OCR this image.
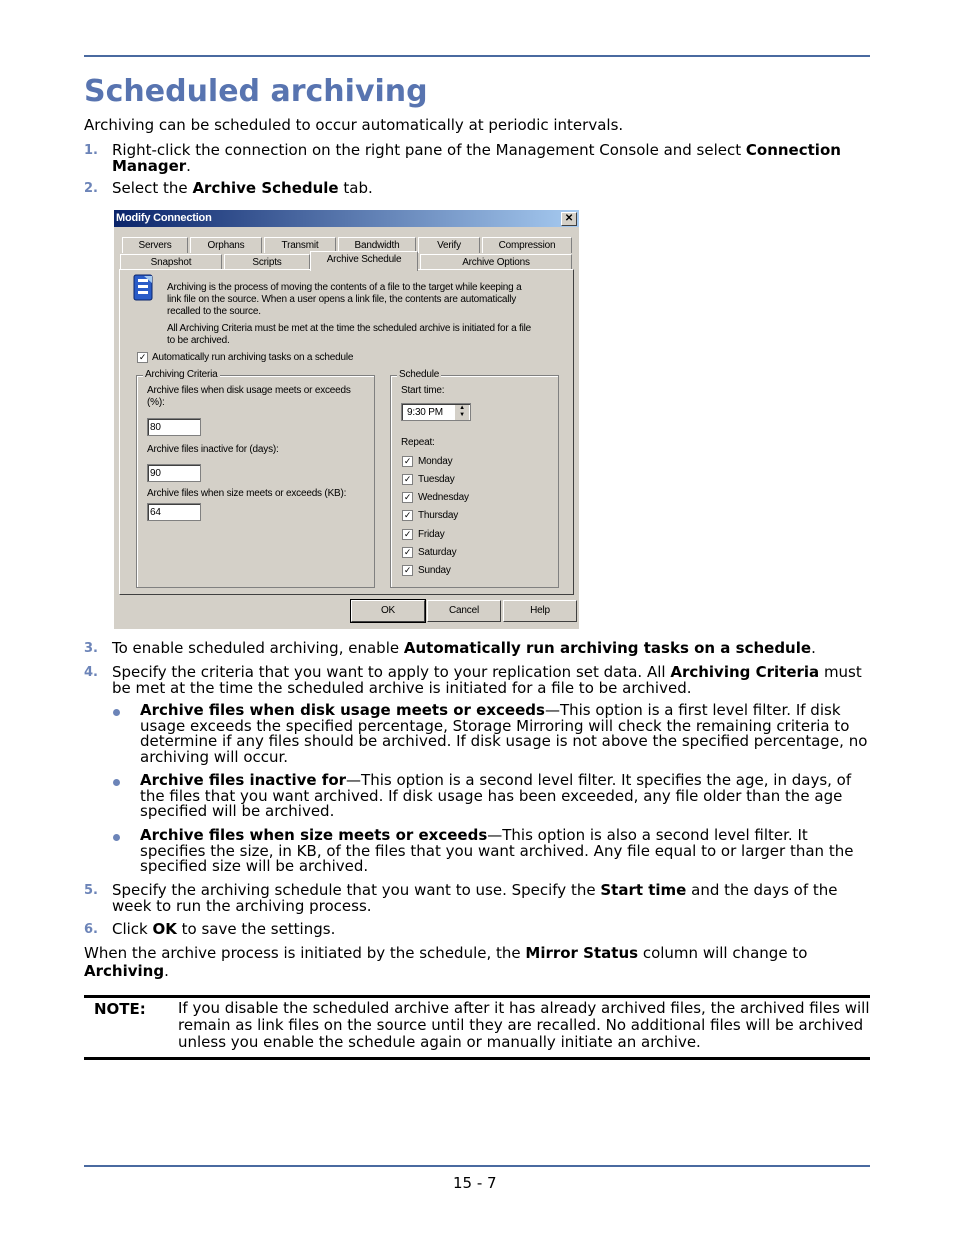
Scheduled archiving
Archiving can be scheduled to occur automatically at periodic intervals.
1. Right-click the connection on the right pane of the Management Console and select Connection Manager.
2. Select the Archive Schedule tab.
Modify Connection	✕
Servers	Orphans	Transmit	Bandwidth	Verify	Compression
Snapshot	Scripts	Archive Schedule	Archive Options
Archiving is the process of moving the contents of a file to the target while keeping a link file on the source. When a user opens a link file, the contents are automatically recalled to the source.
All Archiving Criteria must be met at the time the scheduled archive is initiated for a file to be archived.
✓ Automatically run archiving tasks on a schedule
Archiving Criteria
Archive files when disk usage meets or exceeds (%):
80
Archive files inactive for (days):
90
Archive files when size meets or exceeds (KB):
64
Schedule
Start time:
9:30 PM	▲
▼
Repeat:
✓ Monday
✓ Tuesday
✓ Wednesday
✓ Thursday
✓ Friday
✓ Saturday
✓ Sunday
OK	Cancel	Help
3. To enable scheduled archiving, enable Automatically run archiving tasks on a schedule.
4. Specify the criteria that you want to apply to your replication set data. All Archiving Criteria must be met at the time the scheduled archive is initiated for a file to be archived.
Archive files when disk usage meets or exceeds—This option is a first level filter. If disk usage exceeds the specified percentage, Storage Mirroring will check the remaining criteria to determine if any files should be archived. If disk usage is not above the specified percentage, no archiving will occur.
Archive files inactive for—This option is a second level filter. It specifies the age, in days, of the files that you want archived. If disk usage has been exceeded, any file older than the age specified will be archived.
Archive files when size meets or exceeds—This option is also a second level filter. It specifies the size, in KB, of the files that you want archived. Any file equal to or larger than the specified size will be archived.
5. Specify the archiving schedule that you want to use. Specify the Start time and the days of the week to run the archiving process.
6. Click OK to save the settings.
When the archive process is initiated by the schedule, the Mirror Status column will change to Archiving.
NOTE: If you disable the scheduled archive after it has already archived files, the archived files will remain as link files on the source until they are recalled. No additional files will be archived unless you enable the schedule again or manually initiate an archive.
15 - 7
